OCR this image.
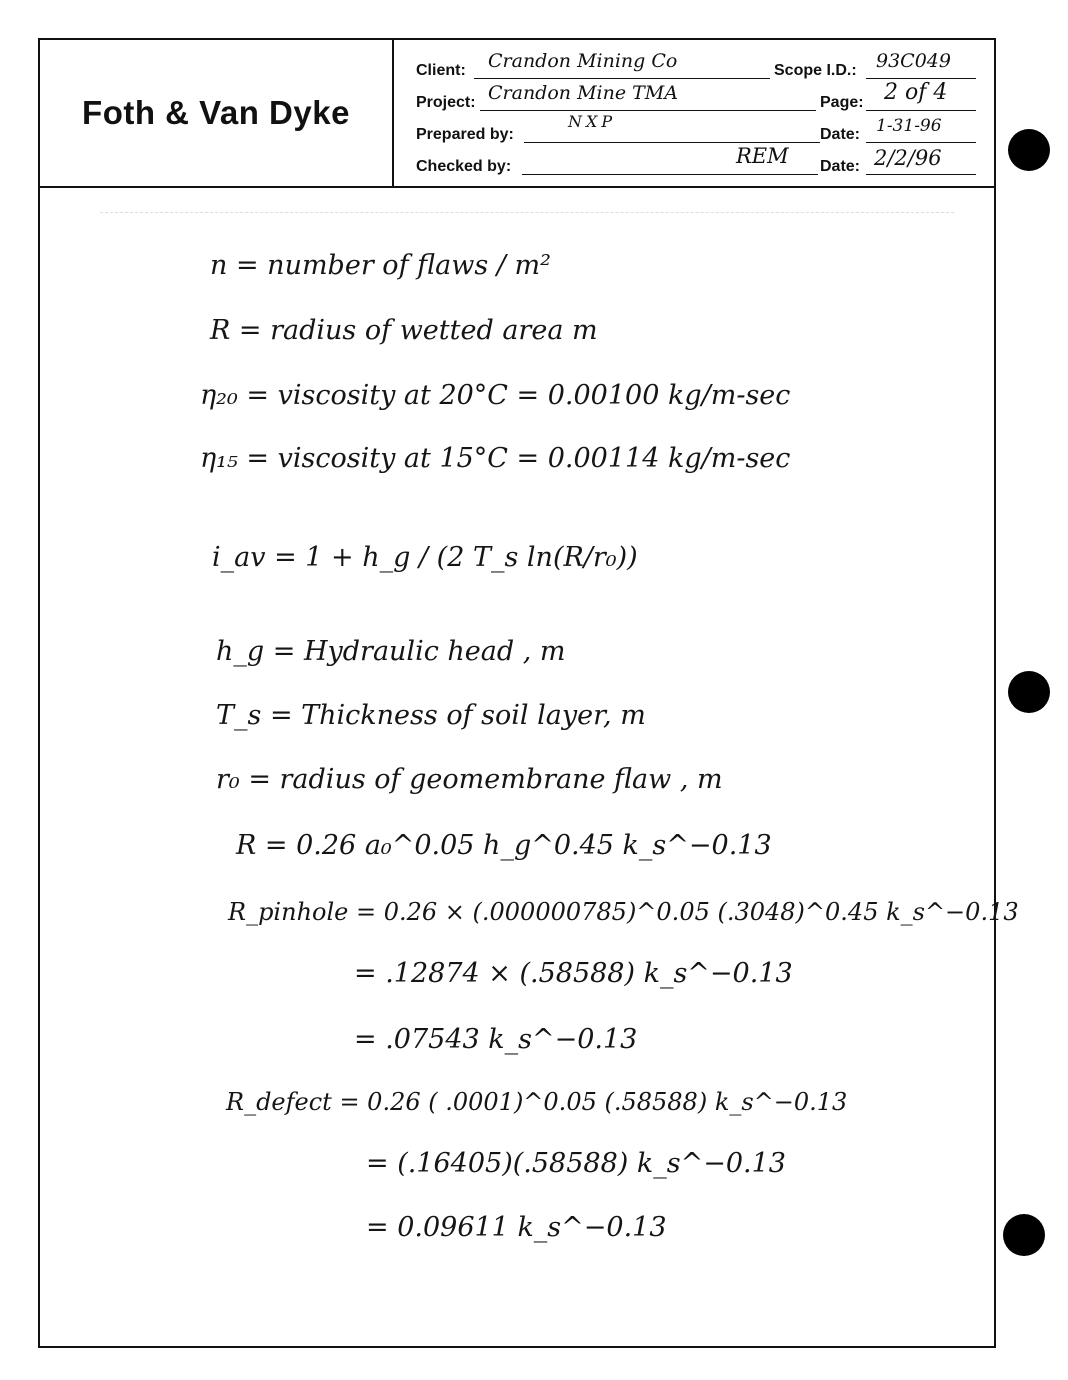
Foth & Van Dyke
Client: Crandon Mining Co	Scope I.D.: 93C049
Project: Crandon Mine TMA	Page: 2 of 4
Prepared by:
NXP
Date: 1-31-96
Checked by:	REM Date: 2/2/96
n = number of flaws / m²
R = radius of wetted area m
η₂₀ = viscosity at 20°C = 0.00100 kg/m-sec
η₁₅ = viscosity at 15°C = 0.00114 kg/m-sec
i_av = 1 + h_g / (2 T_s ln(R/r₀))
h_g = Hydraulic head , m
T_s = Thickness of soil layer, m
r₀ = radius of geomembrane flaw , m
R = 0.26 a₀^0.05 h_g^0.45 k_s^−0.13
R_pinhole = 0.26 × (.000000785)^0.05 (.3048)^0.45 k_s^−0.13
= .12874 × (.58588) k_s^−0.13
= .07543 k_s^−0.13
R_defect = 0.26 ( .0001)^0.05 (.58588) k_s^−0.13
= (.16405)(.58588) k_s^−0.13
= 0.09611 k_s^−0.13
